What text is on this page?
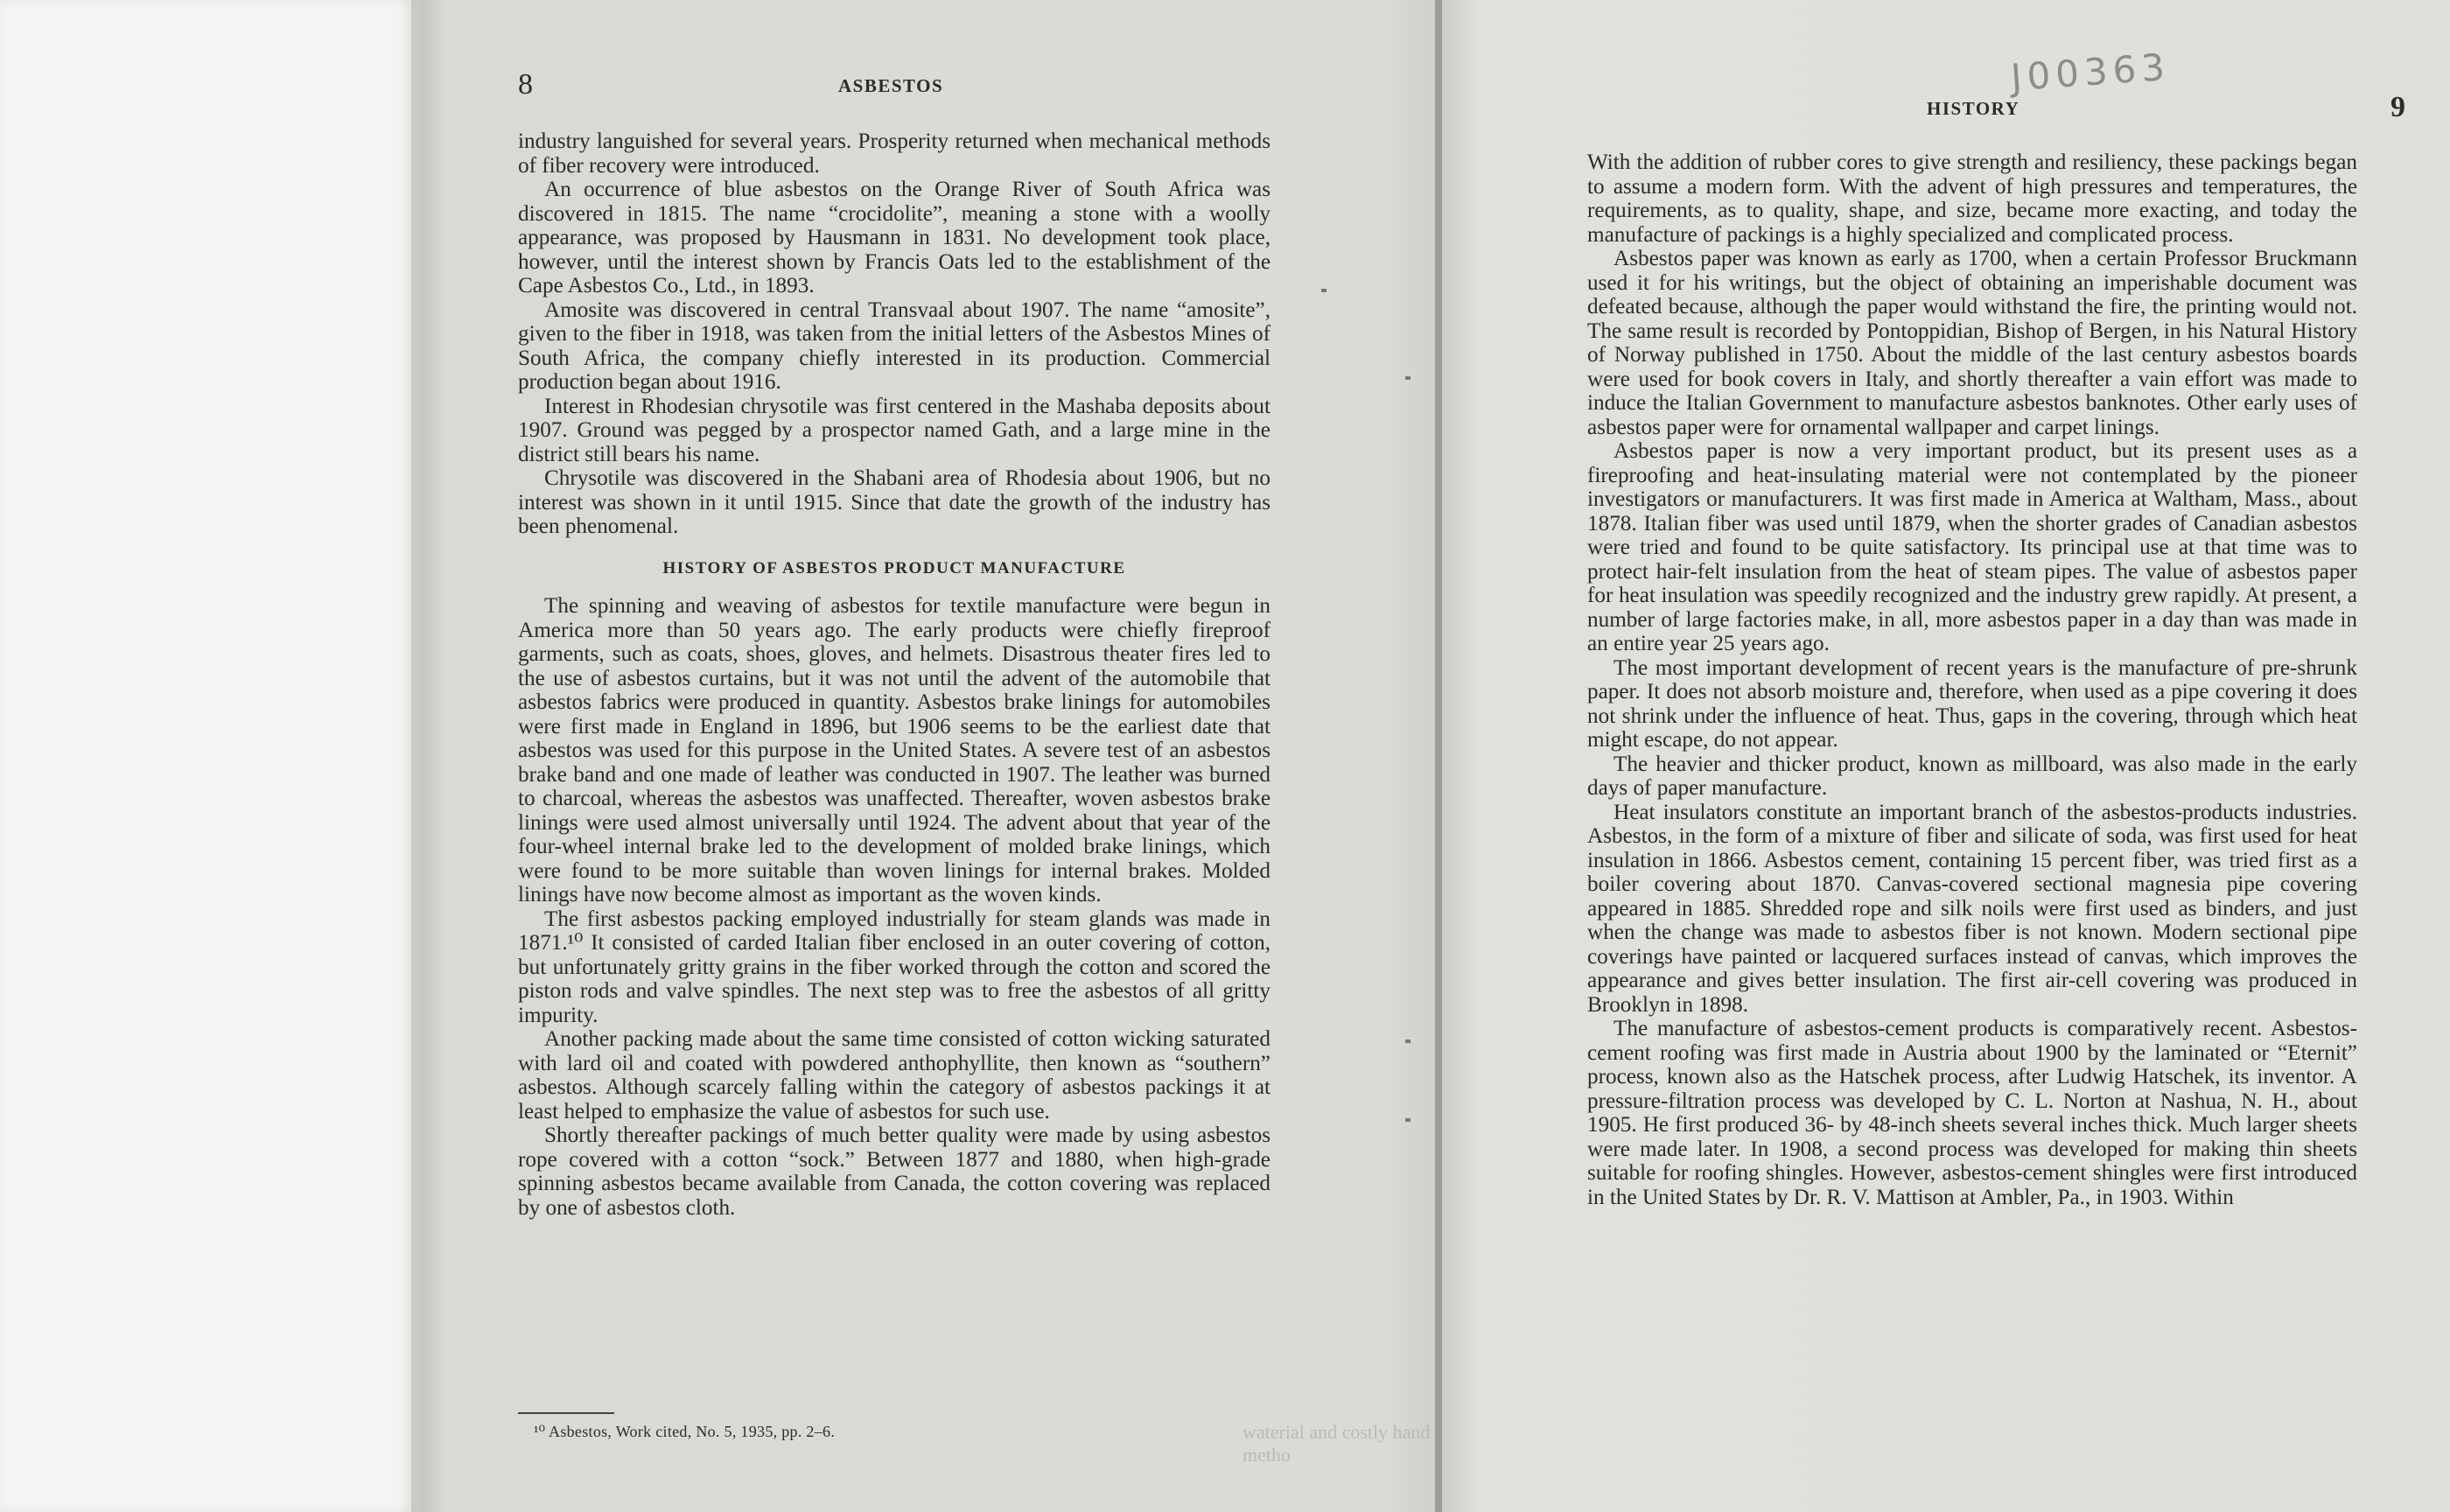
8	ASBESTOS

industry languished for several years. Prosperity returned when mechanical methods of fiber recovery were introduced.

An occurrence of blue asbestos on the Orange River of South Africa was discovered in 1815. The name “crocidolite”, meaning a stone with a woolly appearance, was proposed by Hausmann in 1831. No development took place, however, until the interest shown by Francis Oats led to the establishment of the Cape Asbestos Co., Ltd., in 1893.

Amosite was discovered in central Transvaal about 1907. The name “amosite”, given to the fiber in 1918, was taken from the initial letters of the Asbestos Mines of South Africa, the company chiefly interested in its production. Commercial production began about 1916.

Interest in Rhodesian chrysotile was first centered in the Mashaba deposits about 1907. Ground was pegged by a prospector named Gath, and a large mine in the district still bears his name.

Chrysotile was discovered in the Shabani area of Rhodesia about 1906, but no interest was shown in it until 1915. Since that date the growth of the industry has been phenomenal.

HISTORY OF ASBESTOS PRODUCT MANUFACTURE

The spinning and weaving of asbestos for textile manufacture were begun in America more than 50 years ago. The early products were chiefly fireproof garments, such as coats, shoes, gloves, and helmets. Disastrous theater fires led to the use of asbestos curtains, but it was not until the advent of the automobile that asbestos fabrics were produced in quantity. Asbestos brake linings for automobiles were first made in England in 1896, but 1906 seems to be the earliest date that asbestos was used for this purpose in the United States. A severe test of an asbestos brake band and one made of leather was conducted in 1907. The leather was burned to charcoal, whereas the asbestos was unaffected. Thereafter, woven asbestos brake linings were used almost universally until 1924. The advent about that year of the four-wheel internal brake led to the development of molded brake linings, which were found to be more suitable than woven linings for internal brakes. Molded linings have now become almost as important as the woven kinds.

The first asbestos packing employed industrially for steam glands was made in 1871.¹⁰ It consisted of carded Italian fiber enclosed in an outer covering of cotton, but unfortunately gritty grains in the fiber worked through the cotton and scored the piston rods and valve spindles. The next step was to free the asbestos of all gritty impurity.

Another packing made about the same time consisted of cotton wicking saturated with lard oil and coated with powdered anthophyllite, then known as “southern” asbestos. Although scarcely falling within the category of asbestos packings it at least helped to emphasize the value of asbestos for such use.

Shortly thereafter packings of much better quality were made by using asbestos rope covered with a cotton “sock.” Between 1877 and 1880, when high-grade spinning asbestos became available from Canada, the cotton covering was replaced by one of asbestos cloth.

¹⁰ Asbestos, Work cited, No. 5, 1935, pp. 2–6.	waterial and costly hand metho
J00363
HISTORY	9

With the addition of rubber cores to give strength and resiliency, these packings began to assume a modern form. With the advent of high pressures and temperatures, the requirements, as to quality, shape, and size, became more exacting, and today the manufacture of packings is a highly specialized and complicated process.

Asbestos paper was known as early as 1700, when a certain Professor Bruckmann used it for his writings, but the object of obtaining an imperishable document was defeated because, although the paper would withstand the fire, the printing would not. The same result is recorded by Pontoppidian, Bishop of Bergen, in his Natural History of Norway published in 1750. About the middle of the last century asbestos boards were used for book covers in Italy, and shortly thereafter a vain effort was made to induce the Italian Government to manufacture asbestos banknotes. Other early uses of asbestos paper were for ornamental wallpaper and carpet linings.

Asbestos paper is now a very important product, but its present uses as a fireproofing and heat-insulating material were not contemplated by the pioneer investigators or manufacturers. It was first made in America at Waltham, Mass., about 1878. Italian fiber was used until 1879, when the shorter grades of Canadian asbestos were tried and found to be quite satisfactory. Its principal use at that time was to protect hair-felt insulation from the heat of steam pipes. The value of asbestos paper for heat insulation was speedily recognized and the industry grew rapidly. At present, a number of large factories make, in all, more asbestos paper in a day than was made in an entire year 25 years ago.

The most important development of recent years is the manufacture of pre-shrunk paper. It does not absorb moisture and, therefore, when used as a pipe covering it does not shrink under the influence of heat. Thus, gaps in the covering, through which heat might escape, do not appear.

The heavier and thicker product, known as millboard, was also made in the early days of paper manufacture.

Heat insulators constitute an important branch of the asbestos-products industries. Asbestos, in the form of a mixture of fiber and silicate of soda, was first used for heat insulation in 1866. Asbestos cement, containing 15 percent fiber, was tried first as a boiler covering about 1870. Canvas-covered sectional magnesia pipe covering appeared in 1885. Shredded rope and silk noils were first used as binders, and just when the change was made to asbestos fiber is not known. Modern sectional pipe coverings have painted or lacquered surfaces instead of canvas, which improves the appearance and gives better insulation. The first air-cell covering was produced in Brooklyn in 1898.

The manufacture of asbestos-cement products is comparatively recent. Asbestos-cement roofing was first made in Austria about 1900 by the laminated or “Eternit” process, known also as the Hatschek process, after Ludwig Hatschek, its inventor. A pressure-filtration process was developed by C. L. Norton at Nashua, N. H., about 1905. He first produced 36- by 48-inch sheets several inches thick. Much larger sheets were made later. In 1908, a second process was developed for making thin sheets suitable for roofing shingles. However, asbestos-cement shingles were first introduced in the United States by Dr. R. V. Mattison at Ambler, Pa., in 1903. Within
